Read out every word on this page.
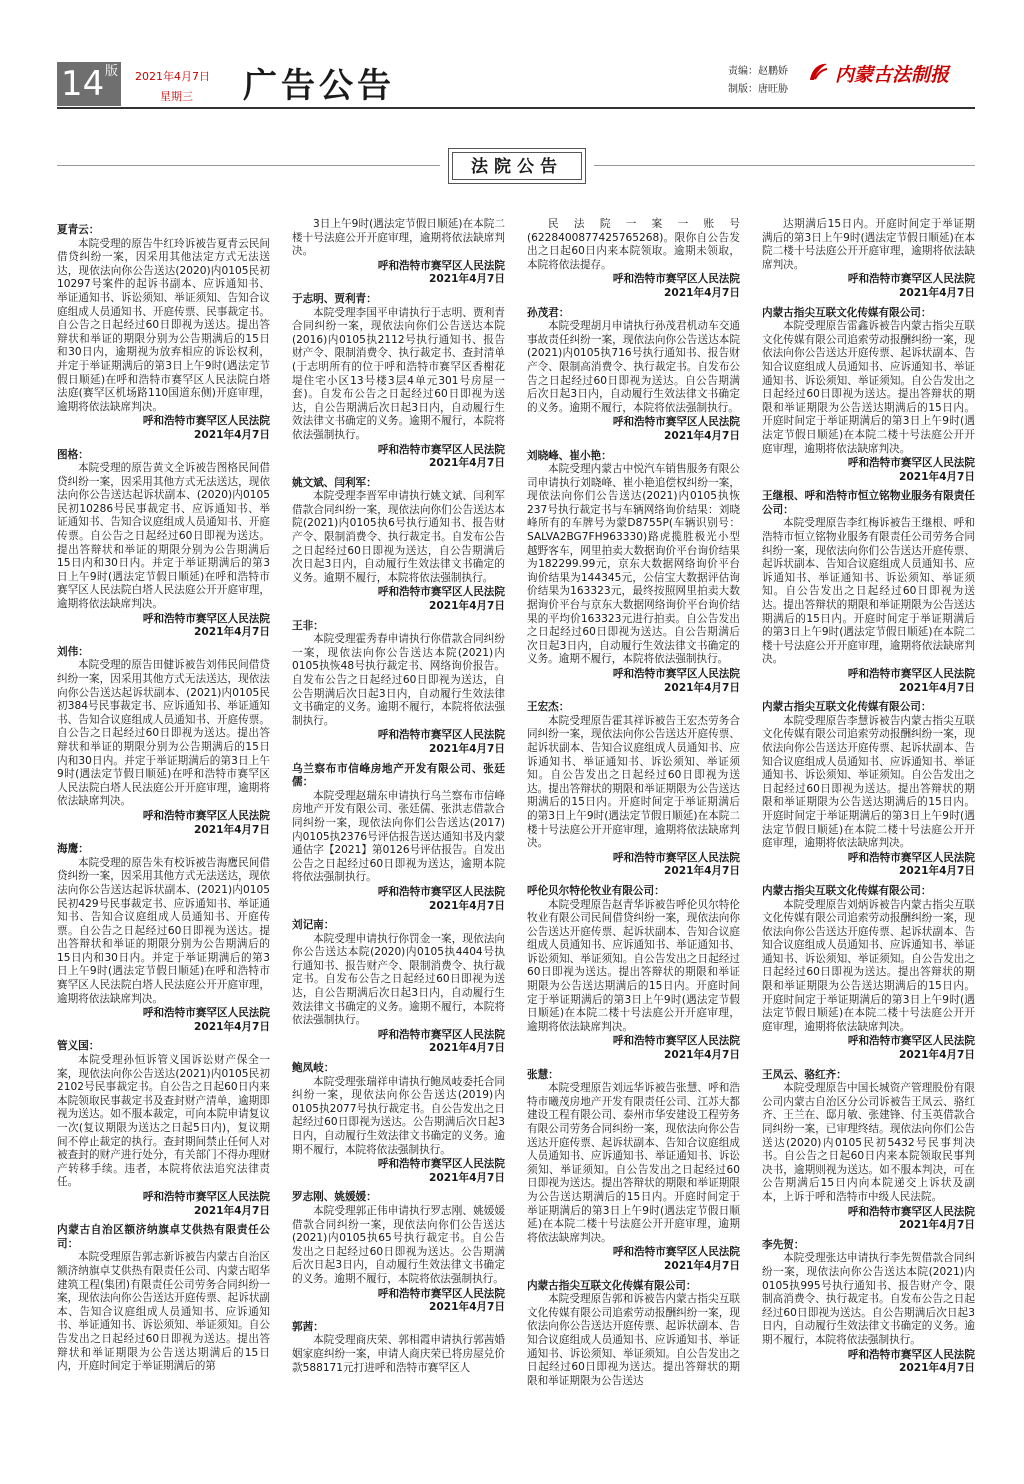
14 版 2021年4月7日
星期三 广告公告	责编：赵鹏娇
制版：唐旺胁
内蒙古法制报
法院公告

夏青云：

本院受理的原告牛红玲诉被告夏青云民间借贷纠纷一案，因采用其他法定方式无法送达，现依法向你公告送达(2020)内0105民初10297号案件的起诉书副本、应诉通知书、举证通知书、诉讼须知、举证须知、告知合议庭组成人员通知书、开庭传票、民事裁定书。自公告之日起经过60日即视为送达。提出答辩状和举证的期限分别为公告期满后的15日和30日内，逾期视为放弃相应的诉讼权利，并定于举证期满后的第3日上午9时(遇法定节假日顺延)在呼和浩特市赛罕区人民法院白塔法庭(赛罕区机场路110国道东侧)开庭审理，逾期将依法缺席判决。

呼和浩特市赛罕区人民法院

2021年4月7日

图格：

本院受理的原告黄文全诉被告图格民间借贷纠纷一案，因采用其他方式无法送达，现依法向你公告送达起诉状副本、(2020)内0105民初10286号民事裁定书、应诉通知书、举证通知书、告知合议庭组成人员通知书、开庭传票。自公告之日起经过60日即视为送达。提出答辩状和举证的期限分别为公告期满后15日内和30日内。并定于举证期满后的第3日上午9时(遇法定节假日顺延)在呼和浩特市赛罕区人民法院白塔人民法庭公开开庭审理，逾期将依法缺席判决。

呼和浩特市赛罕区人民法院

2021年4月7日

刘伟：

本院受理的原告田健诉被告刘伟民间借贷纠纷一案，因采用其他方式无法送达，现依法向你公告送达起诉状副本、(2021)内0105民初384号民事裁定书、应诉通知书、举证通知书、告知合议庭组成人员通知书、开庭传票。自公告之日起经过60日即视为送达。提出答辩状和举证的期限分别为公告期满后的15日内和30日内。并定于举证期满后的第3日上午9时(遇法定节假日顺延)在呼和浩特市赛罕区人民法院白塔人民法庭公开开庭审理，逾期将依法缺席判决。

呼和浩特市赛罕区人民法院

2021年4月7日

海鹰：

本院受理的原告朱有校诉被告海鹰民间借贷纠纷一案，因采用其他方式无法送达，现依法向你公告送达起诉状副本、(2021)内0105民初429号民事裁定书、应诉通知书、举证通知书、告知合议庭组成人员通知书、开庭传票。自公告之日起经过60日即视为送达。提出答辩状和举证的期限分别为公告期满后的15日内和30日内。并定于举证期满后的第3日上午9时(遇法定节假日顺延)在呼和浩特市赛罕区人民法院白塔人民法庭公开开庭审理，逾期将依法缺席判决。

呼和浩特市赛罕区人民法院

2021年4月7日

管义国：

本院受理孙恒诉管义国诉讼财产保全一案，现依法向你公告送达(2021)内0105民初2102号民事裁定书。自公告之日起60日内来本院领取民事裁定书及查封财产清单，逾期即视为送达。如不服本裁定，可向本院申请复议一次(复议期限为送达之日起5日内)，复议期间不停止裁定的执行。查封期间禁止任何人对被查封的财产进行处分，有关部门不得办理财产转移手续。违者，本院将依法追究法律责任。

呼和浩特市赛罕区人民法院

2021年4月7日

内蒙古自治区额济纳旗卓艾供热有限责任公司：

本院受理原告郭志新诉被告内蒙古自治区额济纳旗卓艾供热有限责任公司、内蒙古昭华建筑工程(集团)有限责任公司劳务合同纠纷一案，现依法向你公告送达开庭传票、起诉状副本、告知合议庭组成人员通知书、应诉通知书、举证通知书、诉讼须知、举证须知。自公告发出之日起经过60日即视为送达。提出答辩状和举证期限为公告送达期满后的15日内，开庭时间定于举证期满后的第

3日上午9时(遇法定节假日顺延)在本院二楼十号法庭公开开庭审理，逾期将依法缺席判决。

呼和浩特市赛罕区人民法院

2021年4月7日

于志明、贾利青：

本院受理李国平申请执行于志明、贾利青合同纠纷一案，现依法向你们公告送达本院(2016)内0105执2112号执行通知书、报告财产令、限制消费令、执行裁定书、查封清单(于志明所有的位于呼和浩特市赛罕区香榭花堤住宅小区13号楼3层4单元301号房屋一套)。自发布公告之日起经过60日即视为送达，自公告期满后次日起3日内，自动履行生效法律文书确定的义务。逾期不履行，本院将依法强制执行。

呼和浩特市赛罕区人民法院

2021年4月7日

姚文斌、闫利军：

本院受理李晋军申请执行姚文斌、闫利军借款合同纠纷一案，现依法向你们公告送达本院(2021)内0105执6号执行通知书、报告财产令、限制消费令、执行裁定书。自发布公告之日起经过60日即视为送达，自公告期满后次日起3日内，自动履行生效法律文书确定的义务。逾期不履行，本院将依法强制执行。

呼和浩特市赛罕区人民法院

2021年4月7日

王非：

本院受理霍秀春申请执行你借款合同纠纷一案，现依法向你公告送达本院(2021)内0105执恢48号执行裁定书、网络询价报告。自发布公告之日起经过60日即视为送达，自公告期满后次日起3日内，自动履行生效法律文书确定的义务。逾期不履行，本院将依法强制执行。

呼和浩特市赛罕区人民法院

2021年4月7日

乌兰察布市信峰房地产开发有限公司、张廷儒：

本院受理赵瑞东申请执行乌兰察布市信峰房地产开发有限公司、张廷儒、张洪志借款合同纠纷一案，现依法向你们公告送达(2017)内0105执2376号评估报告送达通知书及内蒙通估字【2021】第0126号评估报告。自发出公告之日起经过60日即视为送达，逾期本院将依法强制执行。

呼和浩特市赛罕区人民法院

2021年4月7日

刘记南：

本院受理申请执行你罚金一案，现依法向你公告送达本院(2020)内0105执4404号执行通知书、报告财产令、限制消费令、执行裁定书。自发布公告之日起经过60日即视为送达，自公告期满后次日起3日内，自动履行生效法律文书确定的义务。逾期不履行，本院将依法强制执行。

呼和浩特市赛罕区人民法院

2021年4月7日

鲍凤岐：

本院受理张瑞祥申请执行鲍凤岐委托合同纠纷一案，现依法向你公告送达(2019)内0105执2077号执行裁定书。自公告发出之日起经过60日即视为送达。公告期满后次日起3日内，自动履行生效法律文书确定的义务。逾期不履行，本院将依法强制执行。

呼和浩特市赛罕区人民法院

2021年4月7日

罗志刚、姚媛媛：

本院受理郭正伟申请执行罗志刚、姚媛媛借款合同纠纷一案，现依法向你们公告送达(2021)内0105执65号执行裁定书。自公告发出之日起经过60日即视为送达。公告期满后次日起3日内，自动履行生效法律文书确定的义务。逾期不履行，本院将依法强制执行。

呼和浩特市赛罕区人民法院

2021年4月7日

郭茜：

本院受理商庆荣、郭相霞申请执行郭茜婚姻家庭纠纷一案，申请人商庆荣已将房屋兑价款588171元打进呼和浩特市赛罕区人

民法院一案一账号(622840087742576526​8)。限你自公告发出之日起60日内来本院领取。逾期未领取，本院将依法提存。

呼和浩特市赛罕区人民法院

2021年4月7日

孙茂君：

本院受理胡月申请执行孙茂君机动车交通事故责任纠纷一案，现依法向你公告送达本院(2021)内0105执716号执行通知书、报告财产令、限制高消费令、执行裁定书。自发布公告之日起经过60日即视为送达。自公告期满后次日起3日内，自动履行生效法律文书确定的义务。逾期不履行，本院将依法强制执行。

呼和浩特市赛罕区人民法院

2021年4月7日

刘晓峰、崔小艳：

本院受理内蒙古中悦汽车销售服务有限公司申请执行刘晓峰、崔小艳追偿权纠纷一案，现依法向你们公告送达(2021)内0105执恢237号执行裁定书与车辆网络询价结果：刘晓峰所有的车牌号为蒙D8755P(车辆识别号：SALVA2BG7FH963330)路虎揽胜极光小型越野客车，网里拍卖大数据询价平台询价结果为182299.99元，京东大数据网络询价平台询价结果为144345元，公信宝大数据评估询价结果为163323元，最终按照网里拍卖大数据询价平台与京东大数据网络询价平台询价结果的平均价163323元进行拍卖。自公告发出之日起经过60日即视为送达。自公告期满后次日起3日内，自动履行生效法律文书确定的义务。逾期不履行，本院将依法强制执行。

呼和浩特市赛罕区人民法院

2021年4月7日

王宏杰：

本院受理原告霍其祥诉被告王宏杰劳务合同纠纷一案，现依法向你公告送达开庭传票、起诉状副本、告知合议庭组成人员通知书、应诉通知书、举证通知书、诉讼须知、举证须知。自公告发出之日起经过60日即视为送达。提出答辩状的期限和举证期限为公告送达期满后的15日内。开庭时间定于举证期满后的第3日上午9时(遇法定节假日顺延)在本院二楼十号法庭公开开庭审理，逾期将依法缺席判决。

呼和浩特市赛罕区人民法院

2021年4月7日

呼伦贝尔特伦牧业有限公司：

本院受理原告赵青华诉被告呼伦贝尔特伦牧业有限公司民间借贷纠纷一案，现依法向你公告送达开庭传票、起诉状副本、告知合议庭组成人员通知书、应诉通知书、举证通知书、诉讼须知、举证须知。自公告发出之日起经过60日即视为送达。提出答辩状的期限和举证期限为公告送达期满后的15日内。开庭时间定于举证期满后的第3日上午9时(遇法定节假日顺延)在本院二楼十号法庭公开开庭审理，逾期将依法缺席判决。

呼和浩特市赛罕区人民法院

2021年4月7日

张慧：

本院受理原告刘远华诉被告张慧、呼和浩特市曦茂房地产开发有限责任公司、江苏大都建设工程有限公司、泰州市华安建设工程劳务有限公司劳务合同纠纷一案，现依法向你公告送达开庭传票、起诉状副本、告知合议庭组成人员通知书、应诉通知书、举证通知书、诉讼须知、举证须知。自公告发出之日起经过60日即视为送达。提出答辩状的期限和举证期限为公告送达期满后的15日内。开庭时间定于举证期满后的第3日上午9时(遇法定节假日顺延)在本院二楼十号法庭公开开庭审理，逾期将依法缺席判决。

呼和浩特市赛罕区人民法院

2021年4月7日

内蒙古指尖互联文化传媒有限公司：

本院受理原告郭和诉被告内蒙古指尖互联文化传媒有限公司追索劳动报酬纠纷一案，现依法向你公告送达开庭传票、起诉状副本、告知合议庭组成人员通知书、应诉通知书、举证通知书、诉讼须知、举证须知。自公告发出之日起经过60日即视为送达。提出答辩状的期限和举证期限为公告送达

达期满后15日内。开庭时间定于举证期满后的第3日上午9时(遇法定节假日顺延)在本院二楼十号法庭公开开庭审理，逾期将依法缺席判决。

呼和浩特市赛罕区人民法院

2021年4月7日

内蒙古指尖互联文化传媒有限公司：

本院受理原告雷鑫诉被告内蒙古指尖互联文化传媒有限公司追索劳动报酬纠纷一案，现依法向你公告送达开庭传票、起诉状副本、告知合议庭组成人员通知书、应诉通知书、举证通知书、诉讼须知、举证须知。自公告发出之日起经过60日即视为送达。提出答辩状的期限和举证期限为公告送达期满后的15日内。开庭时间定于举证期满后的第3日上午9时(遇法定节假日顺延)在本院二楼十号法庭公开开庭审理，逾期将依法缺席判决。

呼和浩特市赛罕区人民法院

2021年4月7日

王继根、呼和浩特市恒立铭物业服务有限责任公司：

本院受理原告李红梅诉被告王继根、呼和浩特市恒立铭物业服务有限责任公司劳务合同纠纷一案，现依法向你们公告送达开庭传票、起诉状副本、告知合议庭组成人员通知书、应诉通知书、举证通知书、诉讼须知、举证须知。自公告发出之日起经过60日即视为送达。提出答辩状的期限和举证期限为公告送达期满后的15日内。开庭时间定于举证期满后的第3日上午9时(遇法定节假日顺延)在本院二楼十号法庭公开开庭审理，逾期将依法缺席判决。

呼和浩特市赛罕区人民法院

2021年4月7日

内蒙古指尖互联文化传媒有限公司：

本院受理原告李慧诉被告内蒙古指尖互联文化传媒有限公司追索劳动报酬纠纷一案，现依法向你公告送达开庭传票、起诉状副本、告知合议庭组成人员通知书、应诉通知书、举证通知书、诉讼须知、举证须知。自公告发出之日起经过60日即视为送达。提出答辩状的期限和举证期限为公告送达期满后的15日内。开庭时间定于举证期满后的第3日上午9时(遇法定节假日顺延)在本院二楼十号法庭公开开庭审理，逾期将依法缺席判决。

呼和浩特市赛罕区人民法院

2021年4月7日

内蒙古指尖互联文化传媒有限公司：

本院受理原告刘炳诉被告内蒙古指尖互联文化传媒有限公司追索劳动报酬纠纷一案，现依法向你公告送达开庭传票、起诉状副本、告知合议庭组成人员通知书、应诉通知书、举证通知书、诉讼须知、举证须知。自公告发出之日起经过60日即视为送达。提出答辩状的期限和举证期限为公告送达期满后的15日内。开庭时间定于举证期满后的第3日上午9时(遇法定节假日顺延)在本院二楼十号法庭公开开庭审理，逾期将依法缺席判决。

呼和浩特市赛罕区人民法院

2021年4月7日

王凤云、骆红齐：

本院受理原告中国长城资产管理股份有限公司内蒙古自治区分公司诉被告王凤云、骆红齐、王兰在、邸月敏、张建锋、付玉英借款合同纠纷一案，已审理终结。现依法向你们公告送达(2020)内0105民初5432号民事判决书。自公告之日起60日内来本院领取民事判决书，逾期则视为送达。如不服本判决，可在公告期满后15日内向本院递交上诉状及副本，上诉于呼和浩特市中级人民法院。

呼和浩特市赛罕区人民法院

2021年4月7日

李先贺：

本院受理张达申请执行李先贺借款合同纠纷一案，现依法向你公告送达本院(2021)内0105执995号执行通知书、报告财产令、限制高消费令、执行裁定书。自发布公告之日起经过60日即视为送达。自公告期满后次日起3日内，自动履行生效法律文书确定的义务。逾期不履行，本院将依法强制执行。

呼和浩特市赛罕区人民法院

2021年4月7日
